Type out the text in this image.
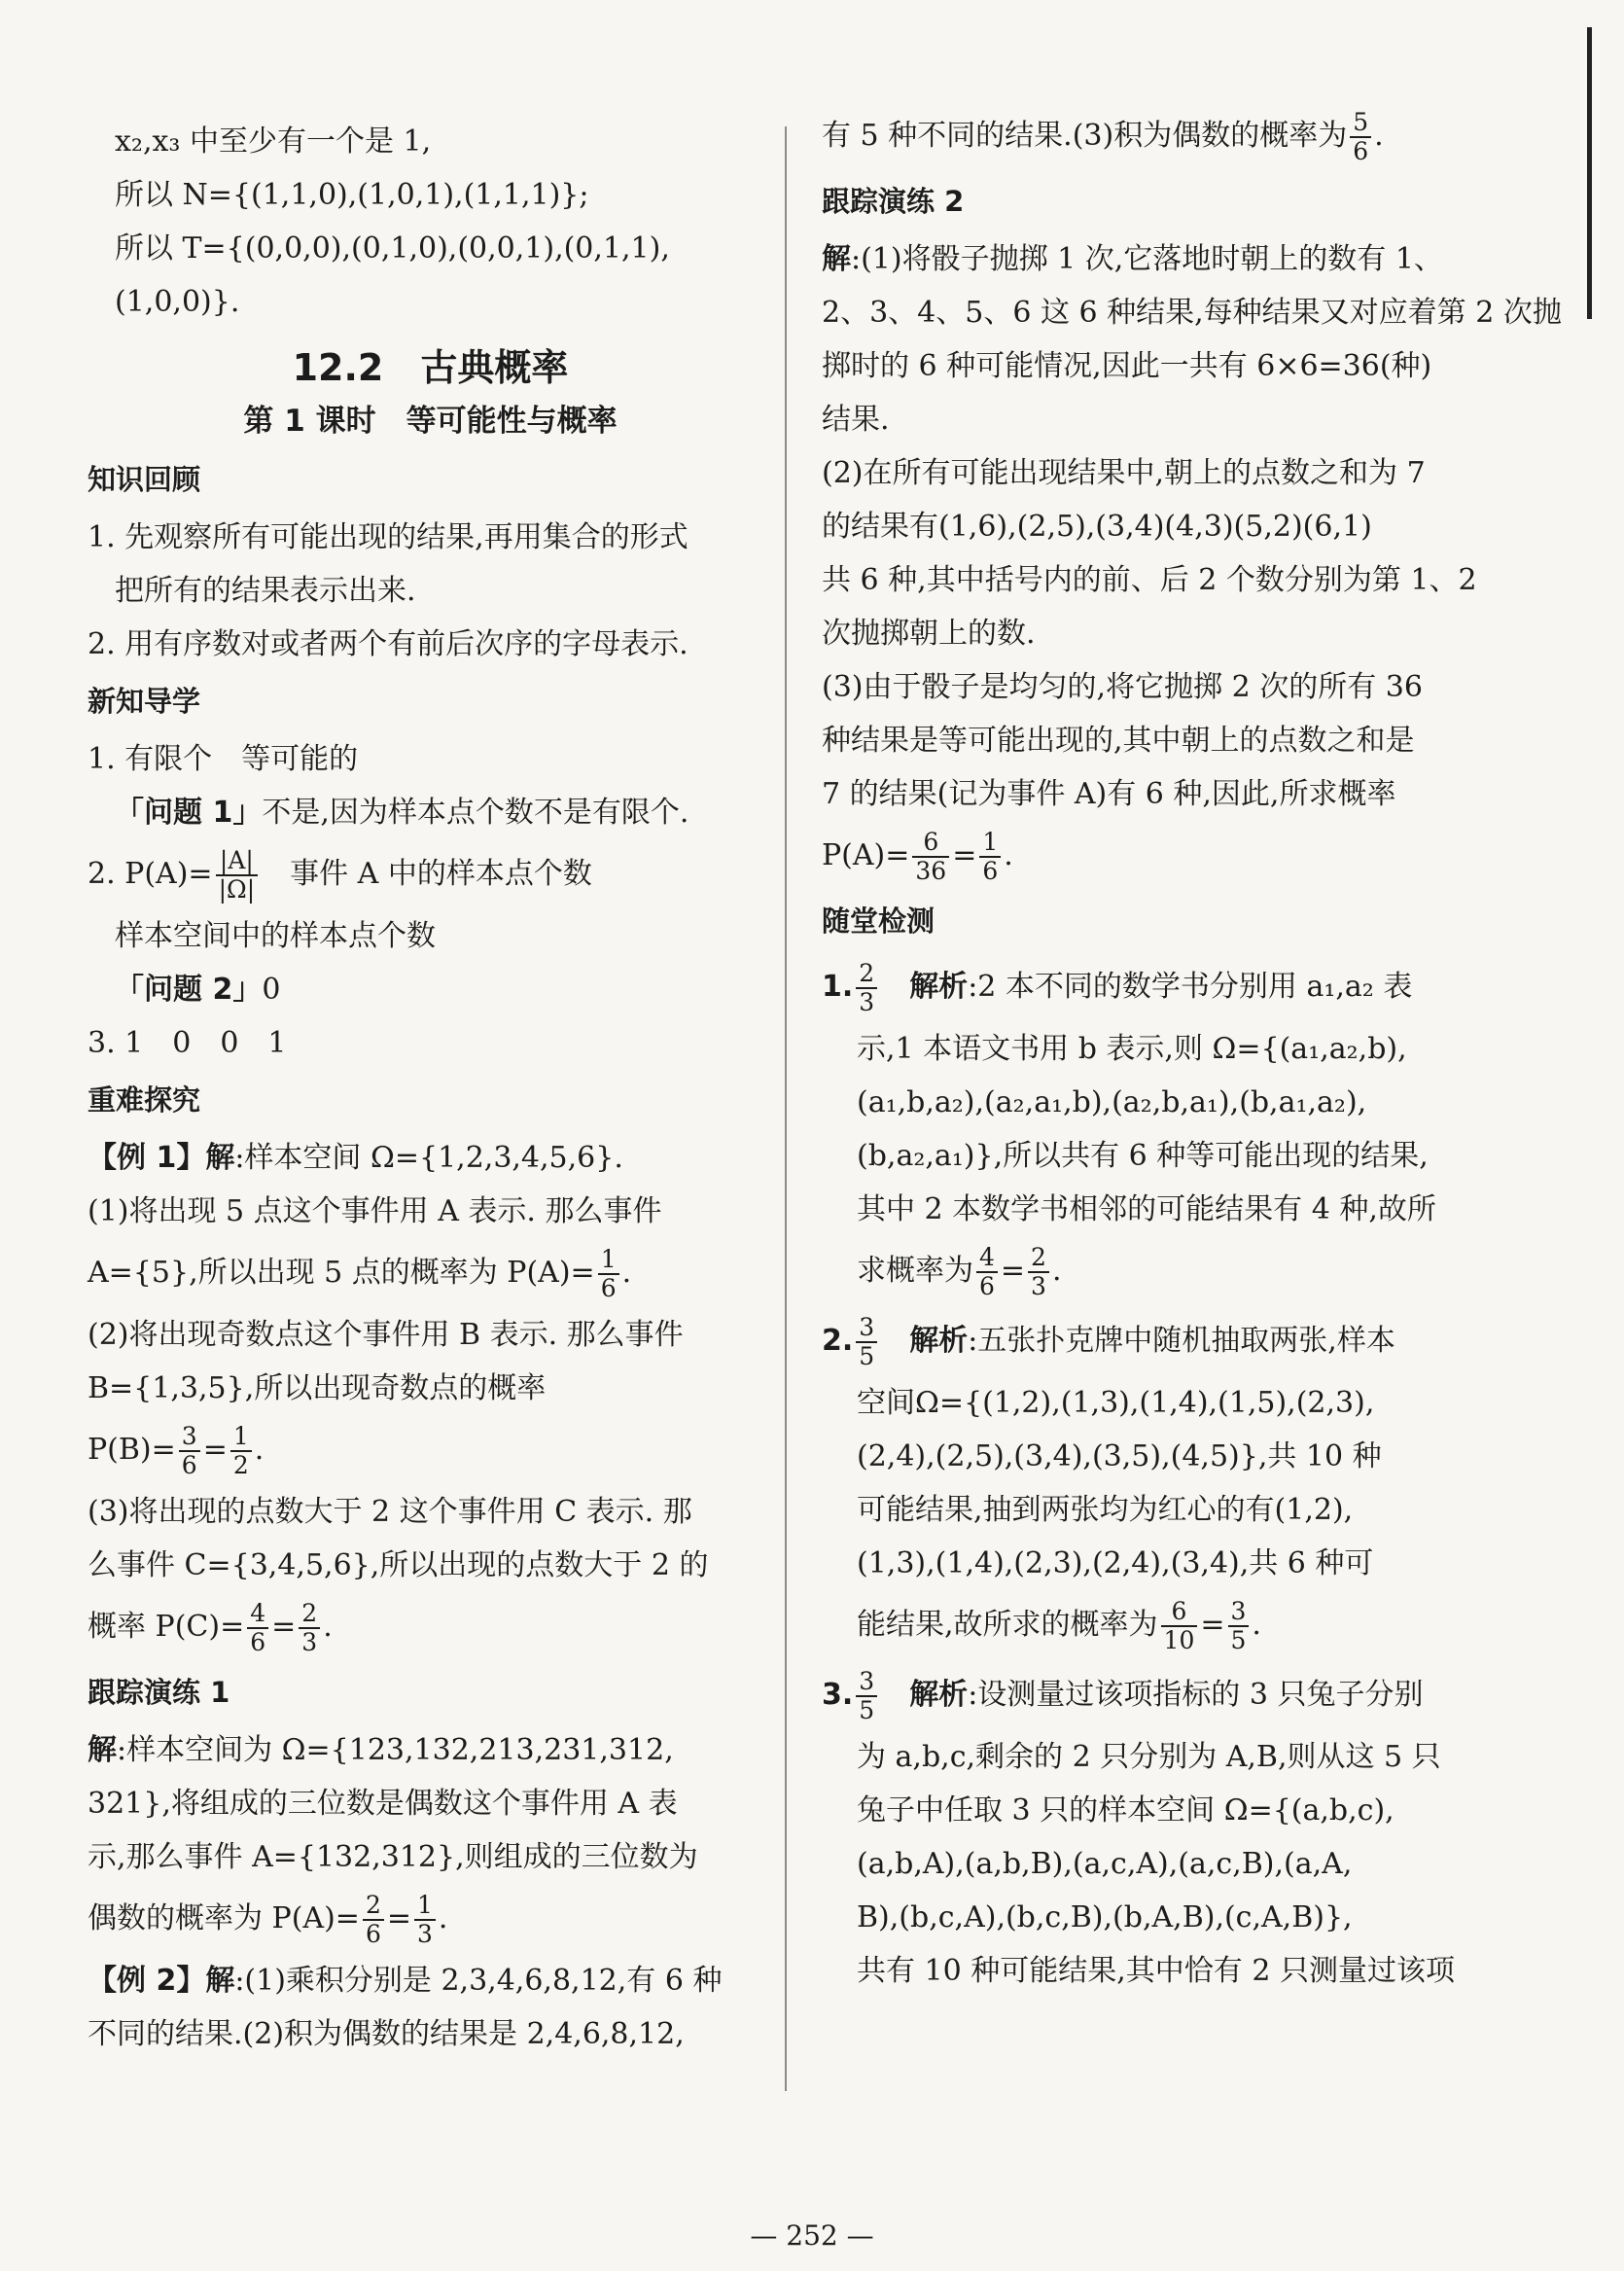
x₂,x₃ 中至少有一个是 1,

所以 N={(1,1,0),(1,0,1),(1,1,1)};

所以 T={(0,0,0),(0,1,0),(0,0,1),(0,1,1),

(1,0,0)}.

12.2　古典概率
第 1 课时　等可能性与概率
知识回顾

1. 先观察所有可能出现的结果,再用集合的形式

把所有的结果表示出来.

2. 用有序数对或者两个有前后次序的字母表示.

新知导学

1. 有限个　等可能的

「问题 1」不是,因为样本点个数不是有限个.

2. $P(A)= \frac{|A|}{|\Omega|}$ 　事件 A 中的样本点个数

样本空间中的样本点个数

「问题 2」0

3. 1　0　0　1

重难探究

【例 1】解:样本空间 Ω={1,2,3,4,5,6}.

(1)将出现 5 点这个事件用 A 表示. 那么事件

A={5},所以出现 5 点的概率为 $P(A)= \frac{1}{6}$ .

(2)将出现奇数点这个事件用 B 表示. 那么事件

B={1,3,5},所以出现奇数点的概率

$P(B)= \frac{3}{6} = \frac{1}{2}$ .

(3)将出现的点数大于 2 这个事件用 C 表示. 那

么事件 C={3,4,5,6},所以出现的点数大于 2 的

概率 $P(C)= \frac{4}{6} = \frac{2}{3}$ .

跟踪演练 1

解:样本空间为 Ω={123,132,213,231,312,

321},将组成的三位数是偶数这个事件用 A 表

示,那么事件 A={132,312},则组成的三位数为

偶数的概率为 $P(A)= \frac{2}{6} = \frac{1}{3}$ .

【例 2】解:(1)乘积分别是 2,3,4,6,8,12,有 6 种

不同的结果.(2)积为偶数的结果是 2,4,6,8,12,

有 5 种不同的结果.(3)积为偶数的概率为 $\frac{5}{6}$ .

跟踪演练 2

解:(1)将骰子抛掷 1 次,它落地时朝上的数有 1、

2、3、4、5、6 这 6 种结果,每种结果又对应着第 2 次抛

掷时的 6 种可能情况,因此一共有 6×6=36(种)

结果.

(2)在所有可能出现结果中,朝上的点数之和为 7

的结果有(1,6),(2,5),(3,4)(4,3)(5,2)(6,1)

共 6 种,其中括号内的前、后 2 个数分别为第 1、2

次抛掷朝上的数.

(3)由于骰子是均匀的,将它抛掷 2 次的所有 36

种结果是等可能出现的,其中朝上的点数之和是

7 的结果(记为事件 A)有 6 种,因此,所求概率

$P(A)= \frac{6}{36} = \frac{1}{6}$ .

随堂检测

1. $\frac{2}{3}$
　 解析:2 本不同的数学书分别用 a₁,a₂ 表

示,1 本语文书用 b 表示,则 Ω={(a₁,a₂,b),

(a₁,b,a₂),(a₂,a₁,b),(a₂,b,a₁),(b,a₁,a₂),

(b,a₂,a₁)},所以共有 6 种等可能出现的结果,

其中 2 本数学书相邻的可能结果有 4 种,故所

求概率为 $\frac{4}{6} = \frac{2}{3}$ .

2. $\frac{3}{5}$
　 解析:五张扑克牌中随机抽取两张,样本

空间Ω={(1,2),(1,3),(1,4),(1,5),(2,3),

(2,4),(2,5),(3,4),(3,5),(4,5)},共 10 种

可能结果,抽到两张均为红心的有(1,2),

(1,3),(1,4),(2,3),(2,4),(3,4),共 6 种可

能结果,故所求的概率为 $\frac{6}{10} = \frac{3}{5}$ .

3. $\frac{3}{5}$
　 解析:设测量过该项指标的 3 只兔子分别

为 a,b,c,剩余的 2 只分别为 A,B,则从这 5 只

兔子中任取 3 只的样本空间 Ω={(a,b,c),

(a,b,A),(a,b,B),(a,c,A),(a,c,B),(a,A,

B),(b,c,A),(b,c,B),(b,A,B),(c,A,B)},

共有 10 种可能结果,其中恰有 2 只测量过该项

— 252 —
